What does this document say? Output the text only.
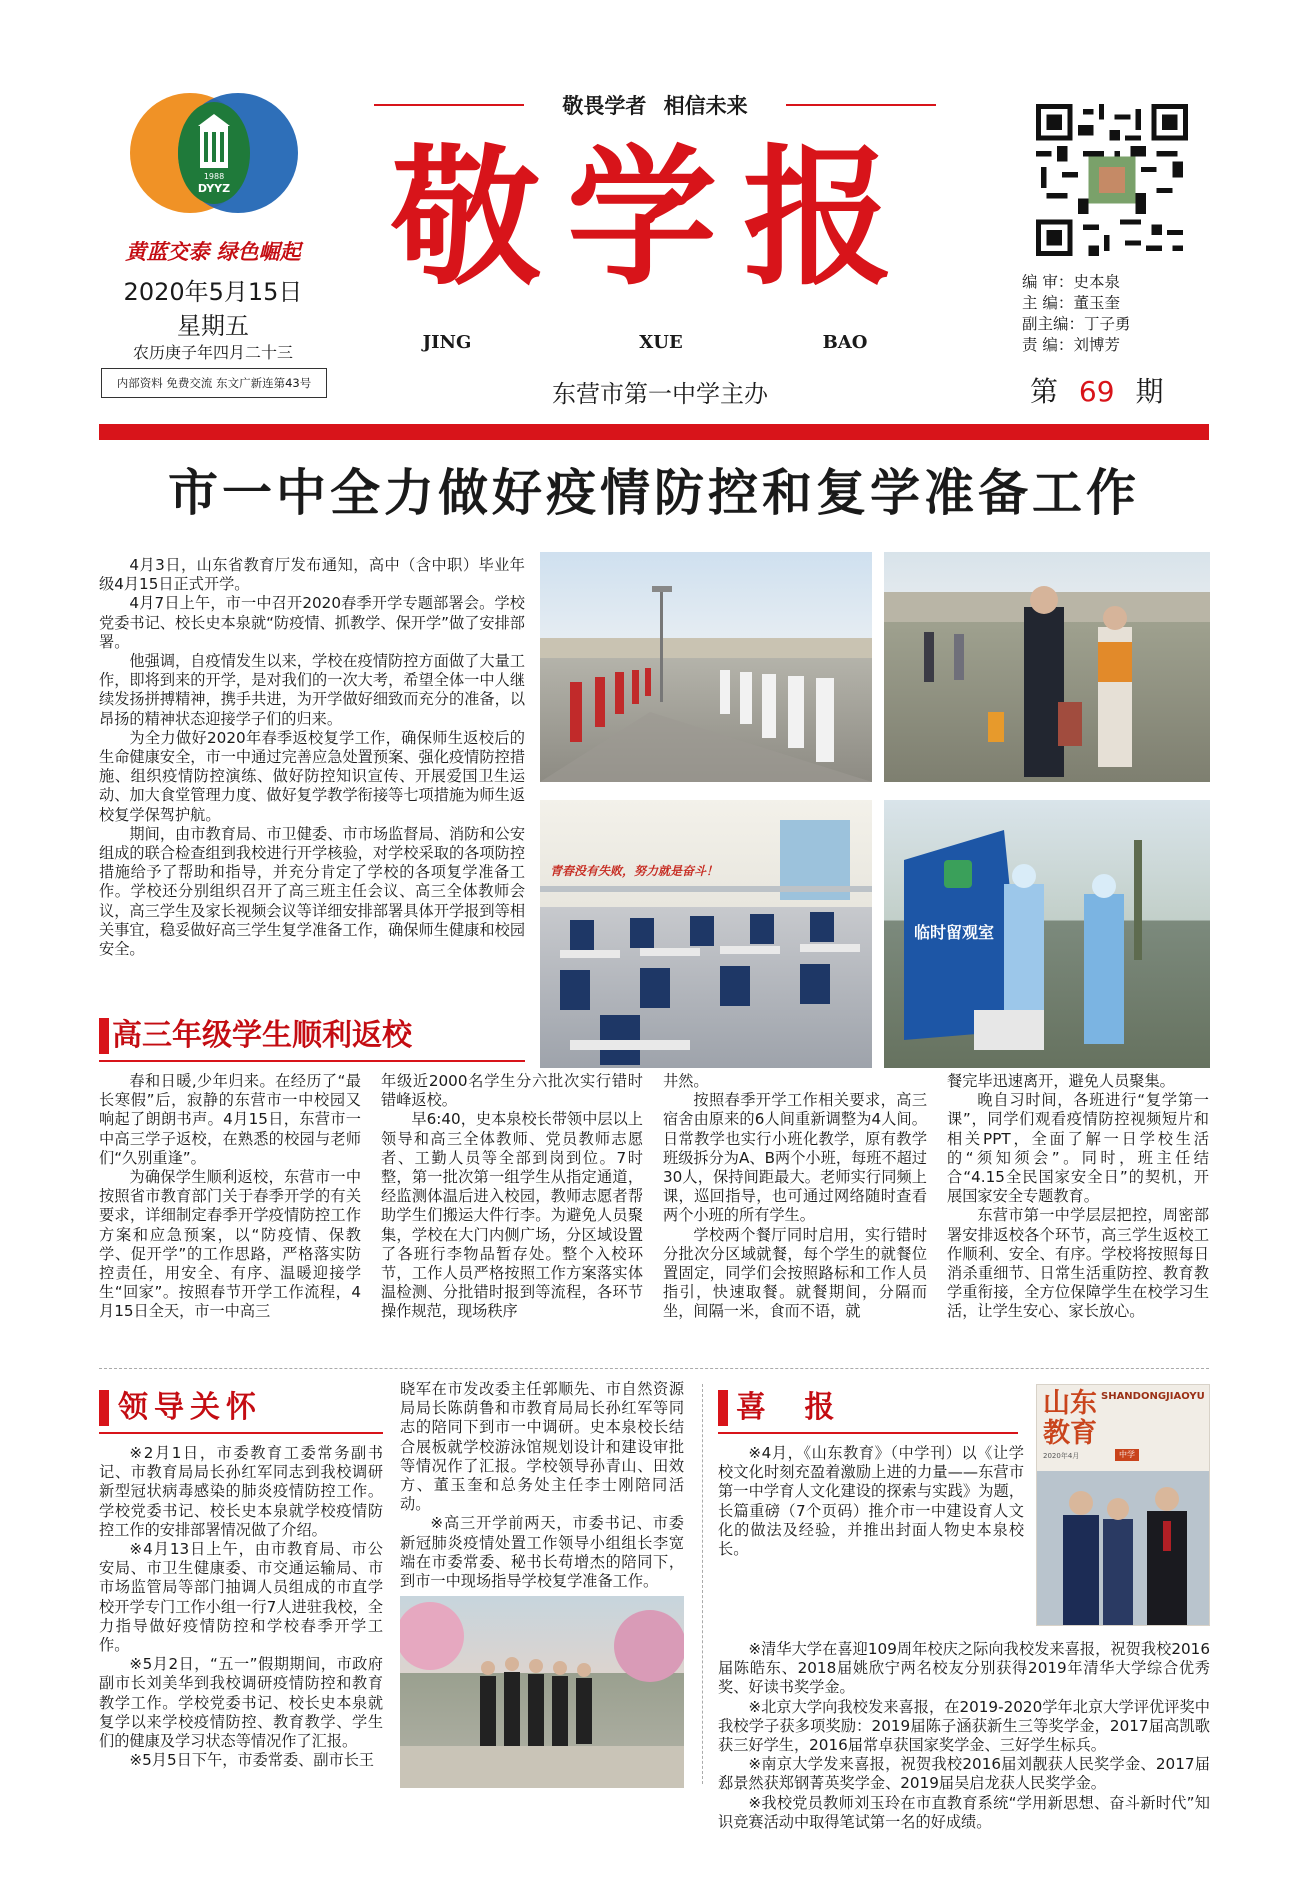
1988
DYYZ
黄蓝交泰 绿色崛起
2020年5月15日
星期五
农历庚子年四月二十三
内部资料 免费交流 东文广新连第43号
敬畏学者 相信未来
敬学报
JING	XUE	BAO
东营市第一中学主办
编 审：史本泉
主 编：董玉奎
副主编：丁子勇
责 编：刘博芳
第 69 期
市一中全力做好疫情防控和复学准备工作

4月3日，山东省教育厅发布通知，高中（含中职）毕业年级4月15日正式开学。

4月7日上午，市一中召开2020春季开学专题部署会。学校党委书记、校长史本泉就“防疫情、抓教学、保开学”做了安排部署。

他强调，自疫情发生以来，学校在疫情防控方面做了大量工作，即将到来的开学，是对我们的一次大考，希望全体一中人继续发扬拼搏精神，携手共进，为开学做好细致而充分的准备，以昂扬的精神状态迎接学子们的归来。

为全力做好2020年春季返校复学工作，确保师生返校后的生命健康安全，市一中通过完善应急处置预案、强化疫情防控措施、组织疫情防控演练、做好防控知识宣传、开展爱国卫生运动、加大食堂管理力度、做好复学教学衔接等七项措施为师生返校复学保驾护航。

期间，由市教育局、市卫健委、市市场监督局、消防和公安组成的联合检查组到我校进行开学核验，对学校采取的各项防控措施给予了帮助和指导，并充分肯定了学校的各项复学准备工作。学校还分别组织召开了高三班主任会议、高三全体教师会议，高三学生及家长视频会议等详细安排部署具体开学报到等相关事宜，稳妥做好高三学生复学准备工作，确保师生健康和校园安全。

青春没有失败，努力就是奋斗！
临时留观室
高三年级学生顺利返校

春和日暖,少年归来。在经历了“最长寒假”后，寂静的东营市一中校园又响起了朗朗书声。4月15日，东营市一中高三学子返校，在熟悉的校园与老师们“久别重逢”。

为确保学生顺利返校，东营市一中按照省市教育部门关于春季开学的有关要求，详细制定春季开学疫情防控工作方案和应急预案，以“防疫情、保教学、促开学”的工作思路，严格落实防控责任，用安全、有序、温暖迎接学生“回家”。按照春节开学工作流程，4月15日全天，市一中高三

年级近2000名学生分六批次实行错时错峰返校。

早6:40，史本泉校长带领中层以上领导和高三全体教师、党员教师志愿者、工勤人员等全部到岗到位。7时整，第一批次第一组学生从指定通道，经监测体温后进入校园，教师志愿者帮助学生们搬运大件行李。为避免人员聚集，学校在大门内侧广场，分区域设置了各班行李物品暂存处。整个入校环节，工作人员严格按照工作方案落实体温检测、分批错时报到等流程，各环节操作规范，现场秩序

井然。

按照春季开学工作相关要求，高三宿舍由原来的6人间重新调整为4人间。日常教学也实行小班化教学，原有教学班级拆分为A、B两个小班，每班不超过30人，保持间距最大。老师实行同频上课，巡回指导，也可通过网络随时查看两个小班的所有学生。

学校两个餐厅同时启用，实行错时分批次分区域就餐，每个学生的就餐位置固定，同学们会按照路标和工作人员指引，快速取餐。就餐期间，分隔而坐，间隔一米，食而不语，就

餐完毕迅速离开，避免人员聚集。

晚自习时间，各班进行“复学第一课”，同学们观看疫情防控视频短片和相关PPT，全面了解一日学校生活的“须知须会”。同时，班主任结合“4.15全民国家安全日”的契机，开展国家安全专题教育。

东营市第一中学层层把控，周密部署安排返校各个环节，高三学生返校工作顺利、安全、有序。学校将按照每日消杀重细节、日常生活重防控、教育教学重衔接，全方位保障学生在校学习生活，让学生安心、家长放心。

领导关怀

※2月1日，市委教育工委常务副书记、市教育局局长孙红军同志到我校调研新型冠状病毒感染的肺炎疫情防控工作。学校党委书记、校长史本泉就学校疫情防控工作的安排部署情况做了介绍。

※4月13日上午，由市教育局、市公安局、市卫生健康委、市交通运输局、市市场监管局等部门抽调人员组成的市直学校开学专门工作小组一行7人进驻我校，全力指导做好疫情防控和学校春季开学工作。

※5月2日，“五一”假期期间，市政府副市长刘美华到我校调研疫情防控和教育教学工作。学校党委书记、校长史本泉就复学以来学校疫情防控、教育教学、学生们的健康及学习状态等情况作了汇报。

※5月5日下午，市委常委、副市长王

晓军在市发改委主任郭顺先、市自然资源局局长陈荫鲁和市教育局局长孙红军等同志的陪同下到市一中调研。史本泉校长结合展板就学校游泳馆规划设计和建设审批等情况作了汇报。学校领导孙青山、田效方、董玉奎和总务处主任李士刚陪同活动。

※高三开学前两天，市委书记、市委新冠肺炎疫情处置工作领导小组组长李宽端在市委常委、秘书长苟增杰的陪同下，到市一中现场指导学校复学准备工作。

喜 报	山东教育
SHANDONGJIAOYU
2020年4月	中学

※4月，《山东教育》（中学刊）以《让学校文化时刻充盈着激励上进的力量——东营市第一中学育人文化建设的探索与实践》为题，长篇重磅（7个页码）推介市一中建设育人文化的做法及经验，并推出封面人物史本泉校长。

※清华大学在喜迎109周年校庆之际向我校发来喜报，祝贺我校2016届陈皓东、2018届姚欣宁两名校友分别获得2019年清华大学综合优秀奖、好读书奖学金。

※北京大学向我校发来喜报，在2019-2020学年北京大学评优评奖中我校学子获多项奖励：2019届陈子涵获新生三等奖学金，2017届高凯歌获三好学生，2016届常卓获国家奖学金、三好学生标兵。

※南京大学发来喜报，祝贺我校2016届刘靓获人民奖学金、2017届郄景然获郑钢菁英奖学金、2019届吴启龙获人民奖学金。

※我校党员教师刘玉玲在市直教育系统“学用新思想、奋斗新时代”知识竞赛活动中取得笔试第一名的好成绩。
